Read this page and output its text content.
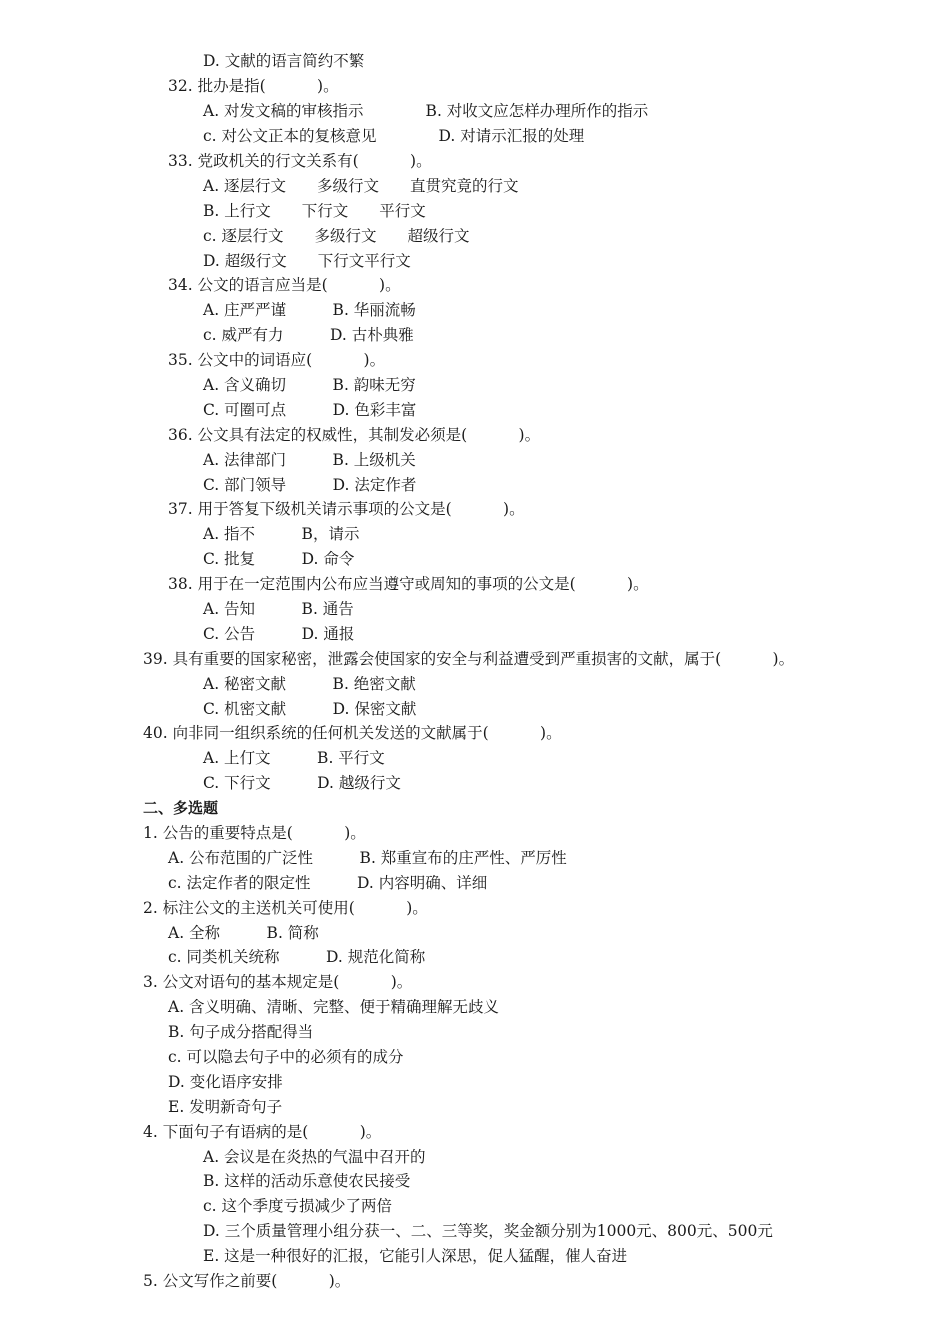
D. 文献的语言简约不繁
32. 批办是指(　　　 )。
A. 对发文稿的审核指示　　　　B. 对收文应怎样办理所作的指示
c. 对公文正本的复核意见　　　　D. 对请示汇报的处理
33. 党政机关的行文关系有(　　　 )。
A. 逐层行文　　多级行文　　直贯究竟的行文
B. 上行文　　下行文　　平行文
c. 逐层行文　　多级行文　　超级行文
D. 超级行文　　下行文平行文
34. 公文的语言应当是(　　　 )。
A. 庄严严谨　　　B. 华丽流畅
c. 威严有力　　　D. 古朴典雅
35. 公文中的词语应(　　　 )。
A. 含义确切　　　B. 韵味无穷
C. 可圈可点　　　D. 色彩丰富
36. 公文具有法定的权威性，其制发必须是(　　　 )。
A. 法律部门　　　B. 上级机关
C. 部门领导　　　D. 法定作者
37. 用于答复下级机关请示事项的公文是(　　　 )。
A. 指不　　　B，请示
C. 批复　　　D. 命令
38. 用于在一定范围内公布应当遵守或周知的事项的公文是(　　　 )。
A. 告知　　　B. 通告
C. 公告　　　D. 通报
39. 具有重要的国家秘密，泄露会使国家的安全与利益遭受到严重损害的文献，属于(　　　 )。
A. 秘密文献　　　B. 绝密文献
C. 机密文献　　　D. 保密文献
40. 向非同一组织系统的任何机关发送的文献属于(　　　 )。
A. 上仃文　　　B. 平行文
C. 下行文　　　D. 越级行文
二、多选题
1. 公告的重要特点是(　　　 )。
A. 公布范围的广泛性　　　B. 郑重宣布的庄严性、严厉性
c. 法定作者的限定性　　　D. 内容明确、详细
2. 标注公文的主送机关可使用(　　　 )。
A. 全称　　　B. 简称
c. 同类机关统称　　　D. 规范化简称
3. 公文对语句的基本规定是(　　　 )。
A. 含义明确、清晰、完整、便于精确理解无歧义
B. 句子成分搭配得当
c. 可以隐去句子中的必须有的成分
D. 变化语序安排
E. 发明新奇句子
4. 下面句子有语病的是(　　　 )。
A. 会议是在炎热的气温中召开的
B. 这样的活动乐意使农民接受
c. 这个季度亏损减少了两倍
D. 三个质量管理小组分获一、二、三等奖，奖金额分别为1000元、800元、500元
E. 这是一种很好的汇报，它能引人深思，促人猛醒，催人奋进
5. 公文写作之前要(　　　 )。
